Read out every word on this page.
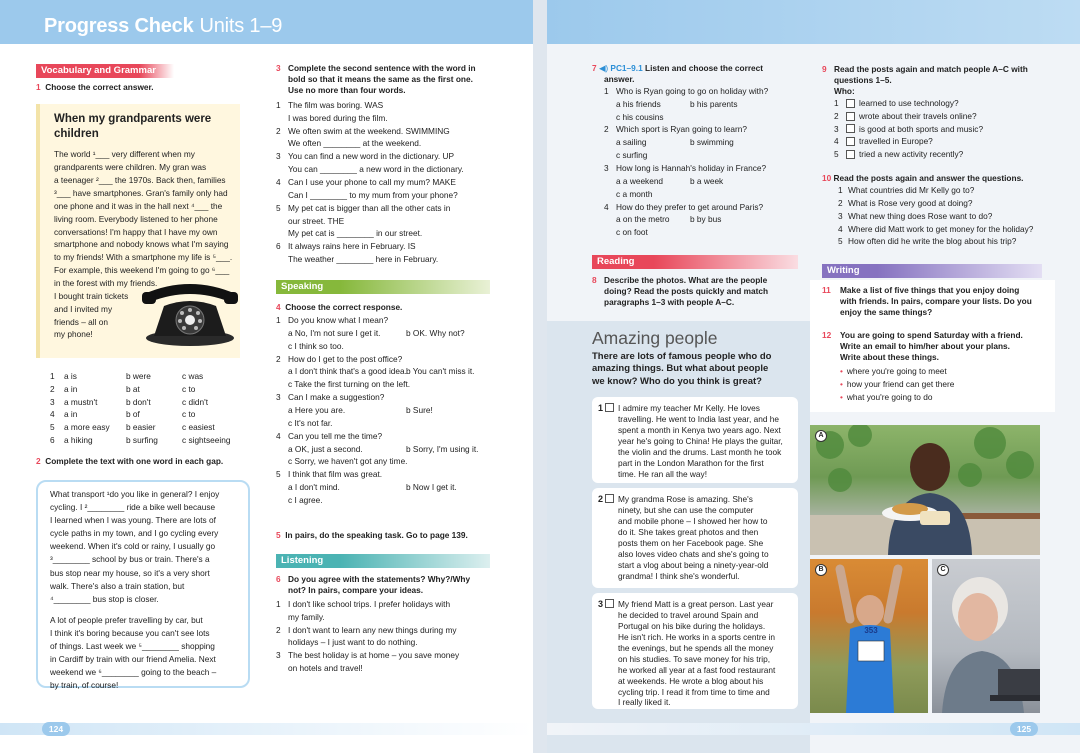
Progress Check Units 1–9
Vocabulary and Grammar
1 Choose the correct answer.
When my grandparents were children
The world ¹___ very different when my
grandparents were children. My gran was
a teenager ²___ the 1970s. Back then, families
³___ have smartphones. Gran's family only had
one phone and it was in the hall next ⁴___ the
living room. Everybody listened to her phone
conversations! I'm happy that I have my own
smartphone and nobody knows what I'm saying
to my friends! With a smartphone my life is ⁵___.
For example, this weekend I'm going to go ⁶___
in the forest with my friends.
I bought train tickets
and I invited my
friends – all on
my phone!
1	a is	b were	c was
2	a in	b at	c to
3	a mustn't	b don't	c didn't
4	a in	b of	c to
5	a more easy	b easier	c easiest
6	a hiking	b surfing	c sightseeing
2 Complete the text with one word in each gap.
What transport ¹do you like in general? I enjoy
cycling. I ²________ ride a bike well because
I learned when I was young. There are lots of
cycle paths in my town, and I go cycling every
weekend. When it's cold or rainy, I usually go
³________ school by bus or train. There's a
bus stop near my house, so it's a very short
walk. There's also a train station, but
⁴________ bus stop is closer.
A lot of people prefer travelling by car, but
I think it's boring because you can't see lots
of things. Last week we ⁵________ shopping
in Cardiff by train with our friend Amelia. Next
weekend we ⁶________ going to the beach –
by train, of course!
3 Complete the second sentence with the word in
bold so that it means the same as the first one.
Use no more than four words.
1 The film was boring. WAS
I was bored during the film.
2 We often swim at the weekend. SWIMMING
We often ________ at the weekend.
3 You can find a new word in the dictionary. UP
You can ________ a new word in the dictionary.
4 Can I use your phone to call my mum? MAKE
Can I ________ to my mum from your phone?
5 My pet cat is bigger than all the other cats in
our street. THE
My pet cat is ________ in our street.
6 It always rains here in February. IS
The weather ________ here in February.
Speaking
4 Choose the correct response.
1 Do you know what I mean?
a No, I'm not sure I get it.	b OK. Why not?
c I think so too.
2 How do I get to the post office?
a I don't think that's a good idea. b You can't miss it.
c Take the first turning on the left.
3 Can I make a suggestion?
a Here you are.	b Sure!
c It's not far.
4 Can you tell me the time?
a OK, just a second.	b Sorry, I'm using it.
c Sorry, we haven't got any time.
5 I think that film was great.
a I don't mind.	b Now I get it.
c I agree.
5 In pairs, do the speaking task. Go to page 139.
Listening
6 Do you agree with the statements? Why?/Why
not? In pairs, compare your ideas.
1 I don't like school trips. I prefer holidays with
my family.
2 I don't want to learn any new things during my
holidays – I just want to do nothing.
3 The best holiday is at home – you save money
on hotels and travel!
124
7 ◀) PC1–9.1 Listen and choose the correct
answer.
1 Who is Ryan going to go on holiday with?
a his friends	b his parents
c his cousins
2 Which sport is Ryan going to learn?
a sailing	b swimming
c surfing
3 How long is Hannah's holiday in France?
a a weekend	b a week
c a month
4 How do they prefer to get around Paris?
a on the metro	b by bus
c on foot
Reading
8 Describe the photos. What are the people
doing? Read the posts quickly and match
paragraphs 1–3 with people A–C.
Amazing people
There are lots of famous people who do
amazing things. But what about people
we know? Who do you think is great?
1	I admire my teacher Mr Kelly. He loves
travelling. He went to India last year, and he
spent a month in Kenya two years ago. Next
year he's going to China! He plays the guitar,
the violin and the drums. Last month he took
part in the London Marathon for the first
time. He ran all the way!
2	My grandma Rose is amazing. She's
ninety, but she can use the computer
and mobile phone – I showed her how to
do it. She takes great photos and then
posts them on her Facebook page. She
also loves video chats and she's going to
start a vlog about being a ninety-year-old
grandma! I think she's wonderful.
3	My friend Matt is a great person. Last year
he decided to travel around Spain and
Portugal on his bike during the holidays.
He isn't rich. He works in a sports centre in
the evenings, but he spends all the money
on his studies. To save money for his trip,
he worked all year at a fast food restaurant
at weekends. He wrote a blog about his
cycling trip. I read it from time to time and
I really liked it.
A
353
B	C
9 Read the posts again and match people A–C with
questions 1–5.
Who:
1	learned to use technology?
2	wrote about their travels online?
3	is good at both sports and music?
4	travelled in Europe?
5	tried a new activity recently?
10 Read the posts again and answer the questions.
1 What countries did Mr Kelly go to?
2 What is Rose very good at doing?
3 What new thing does Rose want to do?
4 Where did Matt work to get money for the holiday?
5 How often did he write the blog about his trip?
Writing
11	Make a list of five things that you enjoy doing
with friends. In pairs, compare your lists. Do you
enjoy the same things?
12	You are going to spend Saturday with a friend.
Write an email to him/her about your plans.
Write about these things.
• where you're going to meet
• how your friend can get there
• what you're going to do
125
